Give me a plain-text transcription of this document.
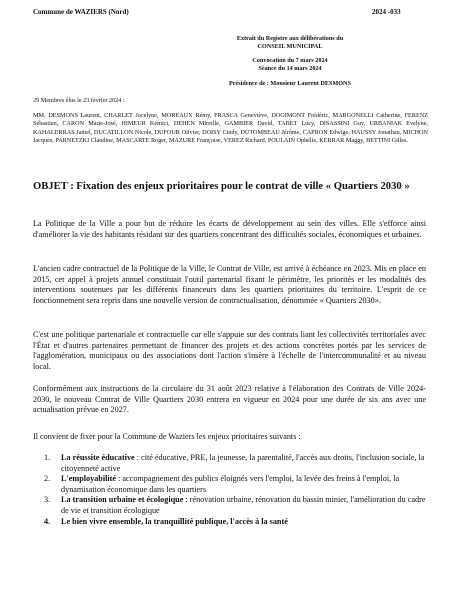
Commune de WAZIERS (Nord)	2024 -033
Extrait du Registre aux délibérations du
CONSEIL MUNICIPAL
Convocation du 7 mars 2024
Séance du 14 mars 2024
Présidence de : Monsieur Laurent DESMONS
29 Membres élus le 23 février 2024 :
MM. DESMONS Laurent, CHARLET Jocelyne, MOREAUX Rémy, FRASCA Geneviève, DOGIMONT Frédéric, MARGONELLI Catherine, FERENZ Sébastien, CARON Marie-José, HIMEUR Kémici, DEHEN Mireille, GAMBIER David, TABET Lucy, DISASSINI Guy, URBANIAK Evelyne, KAHALERRAS Jamel, DUCATILLON Nicole, DUFOUR Olivier, DOISY Cindy, DUTOMBEAU Jérôme, CAPRON Edwige, HAUSSY Jonathan, MICHON Jacques, PARNETZKI Claudine, MASCARTE Roger, MAZURE Françoise, VEREZ Richard, POULAIN Ophélie, KERRAR Maggy, BETTINI Gilles.
OBJET : Fixation des enjeux prioritaires pour le contrat de ville « Quartiers 2030 »
La Politique de la Ville a pour but de réduire les écarts de développement au sein des villes. Elle s'efforce ainsi d'améliorer la vie des habitants résidant sur des quartiers concentrant des difficultés sociales, économiques et urbaines.
L'ancien cadre contractuel de la Politique de la Ville, le Contrat de Ville, est arrivé à échéance en 2023. Mis en place en 2015, cet appel à projets annuel constituait l'outil partenarial fixant le périmètre, les priorités et les modalités des interventions soutenues par les différents financeurs dans les quartiers prioritaires du territoire. L'esprit de ce fonctionnement sera repris dans une nouvelle version de contractualisation, dénommée « Quartiers 2030».
C'est une politique partenariale et contractuelle car elle s'appuie sur des contrats liant les collectivités territoriales avec l'État et d'autres partenaires permettant de financer des projets et des actions concrètes portés par les services de l'agglomération, municipaux ou des associations dont l'action s'insère à l'échelle de l'intercommunalité et au niveau local.
Conformément aux instructions de la circulaire du 31 août 2023 relative à l'élaboration des Contrats de Ville 2024-2030, le nouveau Contrat de Ville Quartiers 2030 entrera en vigueur en 2024 pour une durée de six ans avec une actualisation prévue en 2027.
Il convient de fixer pour la Commune de Waziers les enjeux prioritaires suivants :
1. La réussite éducative : cité éducative, PRE, la jeunesse, la parentalité, l'accès aux droits, l'inclusion sociale, la citoyenneté active
2. L'employabilité : accompagnement des publics éloignés vers l'emploi, la levée des freins à l'emploi, la dynamisation économique dans les quartiers
3. La transition urbaine et écologique : rénovation urbaine, rénovation du bassin minier, l'amélioration du cadre de vie et transition écologique
4. Le bien vivre ensemble, la tranquillité publique, l'accès à la santé
